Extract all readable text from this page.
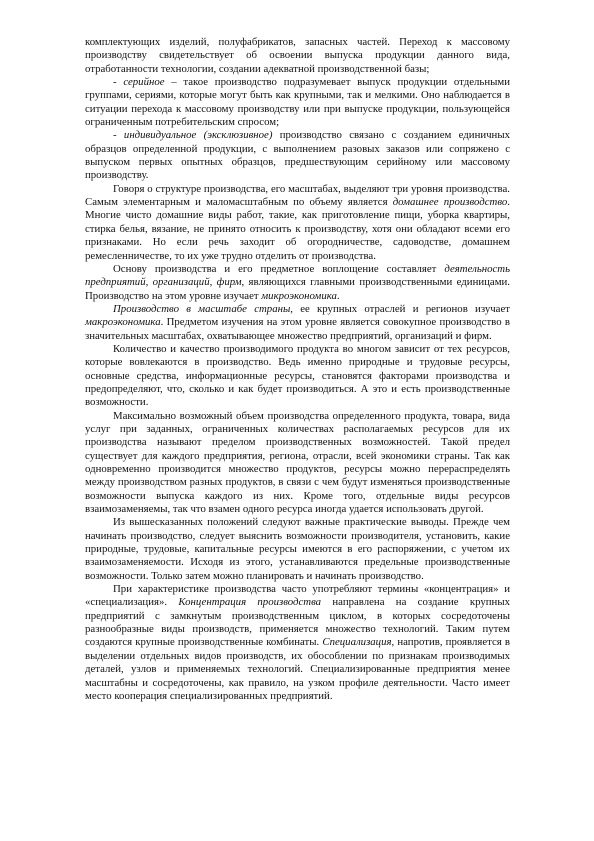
комплектующих изделий, полуфабрикатов, запасных частей. Переход к массовому производству свидетельствует об освоении выпуска продукции данного вида, отработанности технологии, создании адекватной производственной базы;

- серийное – такое производство подразумевает выпуск продукции отдельными группами, сериями, которые могут быть как крупными, так и мелкими. Оно наблюдается в ситуации перехода к массовому производству или при выпуске продукции, пользующейся ограниченным потребительским спросом;

- индивидуальное (эксклюзивное) производство связано с созданием единичных образцов определенной продукции, с выполнением разовых заказов или сопряжено с выпуском первых опытных образцов, предшествующим серийному или массовому производству.

Говоря о структуре производства, его масштабах, выделяют три уровня производства. Самым элементарным и маломасштабным по объему является домашнее производство. Многие чисто домашние виды работ, такие, как приготовление пищи, уборка квартиры, стирка белья, вязание, не принято относить к производству, хотя они обладают всеми его признаками. Но если речь заходит об огородничестве, садоводстве, домашнем ремесленничестве, то их уже трудно отделить от производства.

Основу производства и его предметное воплощение составляет деятельность предприятий, организаций, фирм, являющихся главными производственными единицами. Производство на этом уровне изучает микроэкономика.

Производство в масштабе страны, ее крупных отраслей и регионов изучает макроэкономика. Предметом изучения на этом уровне является совокупное производство в значительных масштабах, охватывающее множество предприятий, организаций и фирм.

Количество и качество производимого продукта во многом зависит от тех ресурсов, которые вовлекаются в производство. Ведь именно природные и трудовые ресурсы, основные средства, информационные ресурсы, становятся факторами производства и предопределяют, что, сколько и как будет производиться. А это и есть производственные возможности.

Максимально возможный объем производства определенного продукта, товара, вида услуг при заданных, ограниченных количествах располагаемых ресурсов для их производства называют пределом производственных возможностей. Такой предел существует для каждого предприятия, региона, отрасли, всей экономики страны. Так как одновременно производится множество продуктов, ресурсы можно перераспределять между производством разных продуктов, в связи с чем будут изменяться производственные возможности выпуска каждого из них. Кроме того, отдельные виды ресурсов взаимозаменяемы, так что взамен одного ресурса иногда удается использовать другой.

Из вышесказанных положений следуют важные практические выводы. Прежде чем начинать производство, следует выяснить возможности производителя, установить, какие природные, трудовые, капитальные ресурсы имеются в его распоряжении, с учетом их взаимозаменяемости. Исходя из этого, устанавливаются предельные производственные возможности. Только затем можно планировать и начинать производство.

При характеристике производства часто употребляют термины «концентрация» и «специализация». Концентрация производства направлена на создание крупных предприятий с замкнутым производственным циклом, в которых сосредоточены разнообразные виды производств, применяется множество технологий. Таким путем создаются крупные производственные комбинаты. Специализация, напротив, проявляется в выделении отдельных видов производств, их обособлении по признакам производимых деталей, узлов и применяемых технологий. Специализированные предприятия менее масштабны и сосредоточены, как правило, на узком профиле деятельности. Часто имеет место кооперация специализированных предприятий.
